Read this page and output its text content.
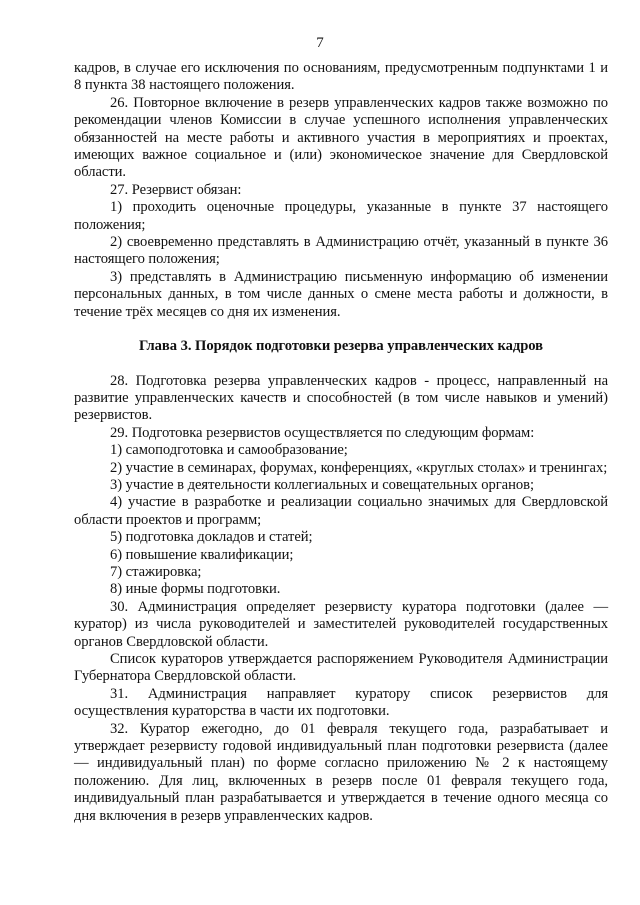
7

кадров, в случае его исключения по основаниям, предусмотренным подпунктами 1 и 8 пункта 38 настоящего положения.

26. Повторное включение в резерв управленческих кадров также возможно по рекомендации членов Комиссии в случае успешного исполнения управленческих обязанностей на месте работы и активного участия в мероприятиях и проектах, имеющих важное социальное и (или) экономическое значение для Свердловской области.

27. Резервист обязан:

1) проходить оценочные процедуры, указанные в пункте 37 настоящего положения;

2) своевременно представлять в Администрацию отчёт, указанный в пункте 36 настоящего положения;

3) представлять в Администрацию письменную информацию об изменении персональных данных, в том числе данных о смене места работы и должности, в течение трёх месяцев со дня их изменения.

Глава 3. Порядок подготовки резерва управленческих кадров

28. Подготовка резерва управленческих кадров - процесс, направленный на развитие управленческих качеств и способностей (в том числе навыков и умений) резервистов.

29. Подготовка резервистов осуществляется по следующим формам:

1) самоподготовка и самообразование;

2) участие в семинарах, форумах, конференциях, «круглых столах» и тренингах;

3) участие в деятельности коллегиальных и совещательных органов;

4) участие в разработке и реализации социально значимых для Свердловской области проектов и программ;

5) подготовка докладов и статей;

6) повышение квалификации;

7) стажировка;

8) иные формы подготовки.

30. Администрация определяет резервисту куратора подготовки (далее — куратор) из числа руководителей и заместителей руководителей государственных органов Свердловской области.

Список кураторов утверждается распоряжением Руководителя Администрации Губернатора Свердловской области.

31. Администрация направляет куратору список резервистов для осуществления кураторства в части их подготовки.

32. Куратор ежегодно, до 01 февраля текущего года, разрабатывает и утверждает резервисту годовой индивидуальный план подготовки резервиста (далее — индивидуальный план) по форме согласно приложению № 2 к настоящему положению. Для лиц, включенных в резерв после 01 февраля текущего года, индивидуальный план разрабатывается и утверждается в течение одного месяца со дня включения в резерв управленческих кадров.
